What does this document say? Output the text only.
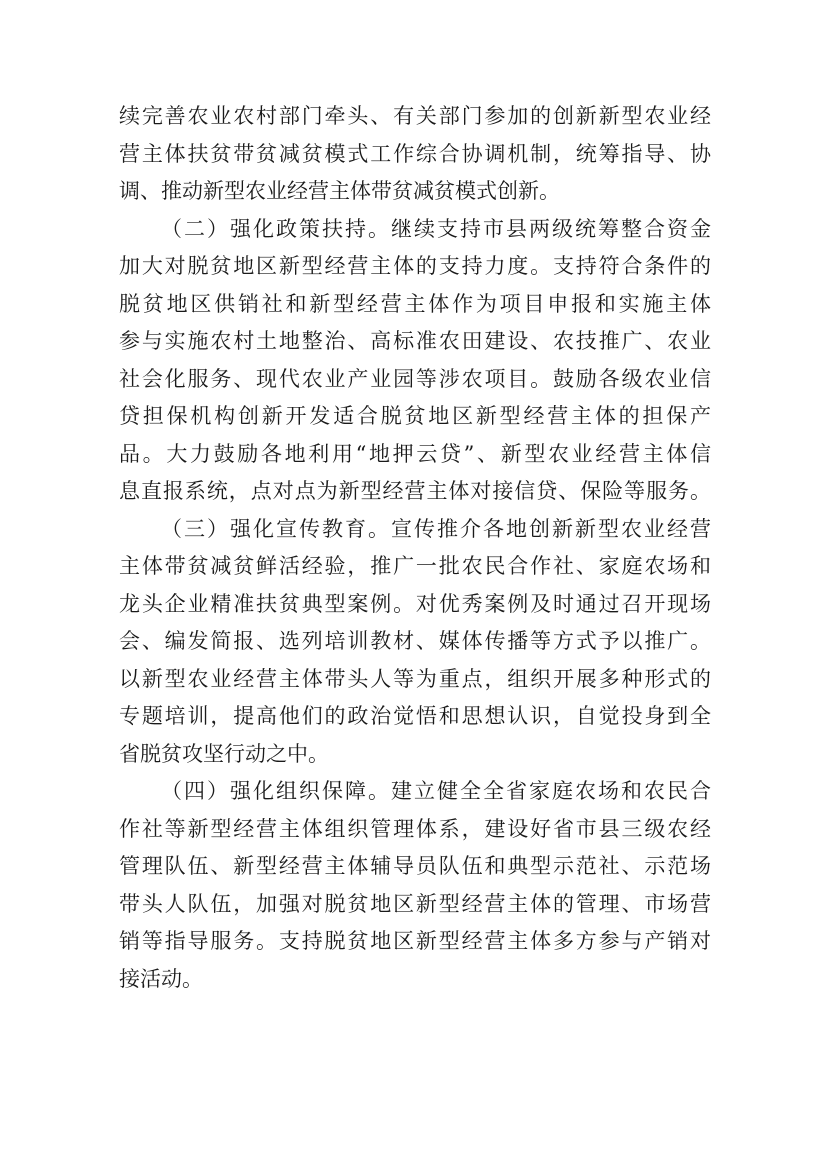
续完善农业农村部门牵头、有关部门参加的创新新型农业经
营主体扶贫带贫减贫模式工作综合协调机制，统筹指导、协
调、推动新型农业经营主体带贫减贫模式创新。
（二）强化政策扶持。继续支持市县两级统筹整合资金
加大对脱贫地区新型经营主体的支持力度。支持符合条件的
脱贫地区供销社和新型经营主体作为项目申报和实施主体
参与实施农村土地整治、高标准农田建设、农技推广、农业
社会化服务、现代农业产业园等涉农项目。鼓励各级农业信
贷担保机构创新开发适合脱贫地区新型经营主体的担保产
品。大力鼓励各地利用“地押云贷”、新型农业经营主体信
息直报系统，点对点为新型经营主体对接信贷、保险等服务。
（三）强化宣传教育。宣传推介各地创新新型农业经营
主体带贫减贫鲜活经验，推广一批农民合作社、家庭农场和
龙头企业精准扶贫典型案例。对优秀案例及时通过召开现场
会、编发简报、选列培训教材、媒体传播等方式予以推广。
以新型农业经营主体带头人等为重点，组织开展多种形式的
专题培训，提高他们的政治觉悟和思想认识，自觉投身到全
省脱贫攻坚行动之中。
（四）强化组织保障。建立健全全省家庭农场和农民合
作社等新型经营主体组织管理体系，建设好省市县三级农经
管理队伍、新型经营主体辅导员队伍和典型示范社、示范场
带头人队伍，加强对脱贫地区新型经营主体的管理、市场营
销等指导服务。支持脱贫地区新型经营主体多方参与产销对
接活动。
